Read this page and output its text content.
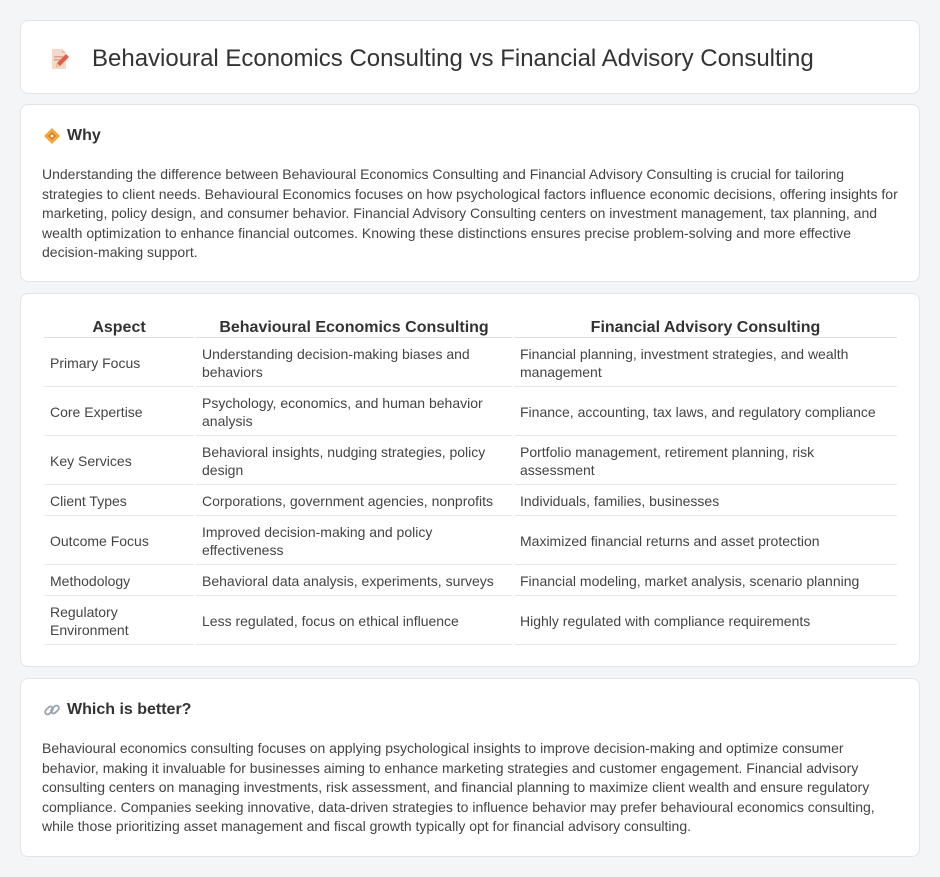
Behavioural Economics Consulting vs Financial Advisory Consulting
Why

Understanding the difference between Behavioural Economics Consulting and Financial Advisory Consulting is crucial for tailoring strategies to client needs. Behavioural Economics focuses on how psychological factors influence economic decisions, offering insights for marketing, policy design, and consumer behavior. Financial Advisory Consulting centers on investment management, tax planning, and wealth optimization to enhance financial outcomes. Knowing these distinctions ensures precise problem-solving and more effective decision-making support.

Aspect	Behavioural Economics Consulting	Financial Advisory Consulting
Primary Focus	Understanding decision-making biases and behaviors	Financial planning, investment strategies, and wealth management
Core Expertise	Psychology, economics, and human behavior analysis	Finance, accounting, tax laws, and regulatory compliance
Key Services	Behavioral insights, nudging strategies, policy design	Portfolio management, retirement planning, risk assessment
Client Types	Corporations, government agencies, nonprofits	Individuals, families, businesses
Outcome Focus	Improved decision-making and policy effectiveness	Maximized financial returns and asset protection
Methodology	Behavioral data analysis, experiments, surveys	Financial modeling, market analysis, scenario planning
Regulatory Environment	Less regulated, focus on ethical influence	Highly regulated with compliance requirements
Which is better?

Behavioural economics consulting focuses on applying psychological insights to improve decision-making and optimize consumer behavior, making it invaluable for businesses aiming to enhance marketing strategies and customer engagement. Financial advisory consulting centers on managing investments, risk assessment, and financial planning to maximize client wealth and ensure regulatory compliance. Companies seeking innovative, data-driven strategies to influence behavior may prefer behavioural economics consulting, while those prioritizing asset management and fiscal growth typically opt for financial advisory consulting.
